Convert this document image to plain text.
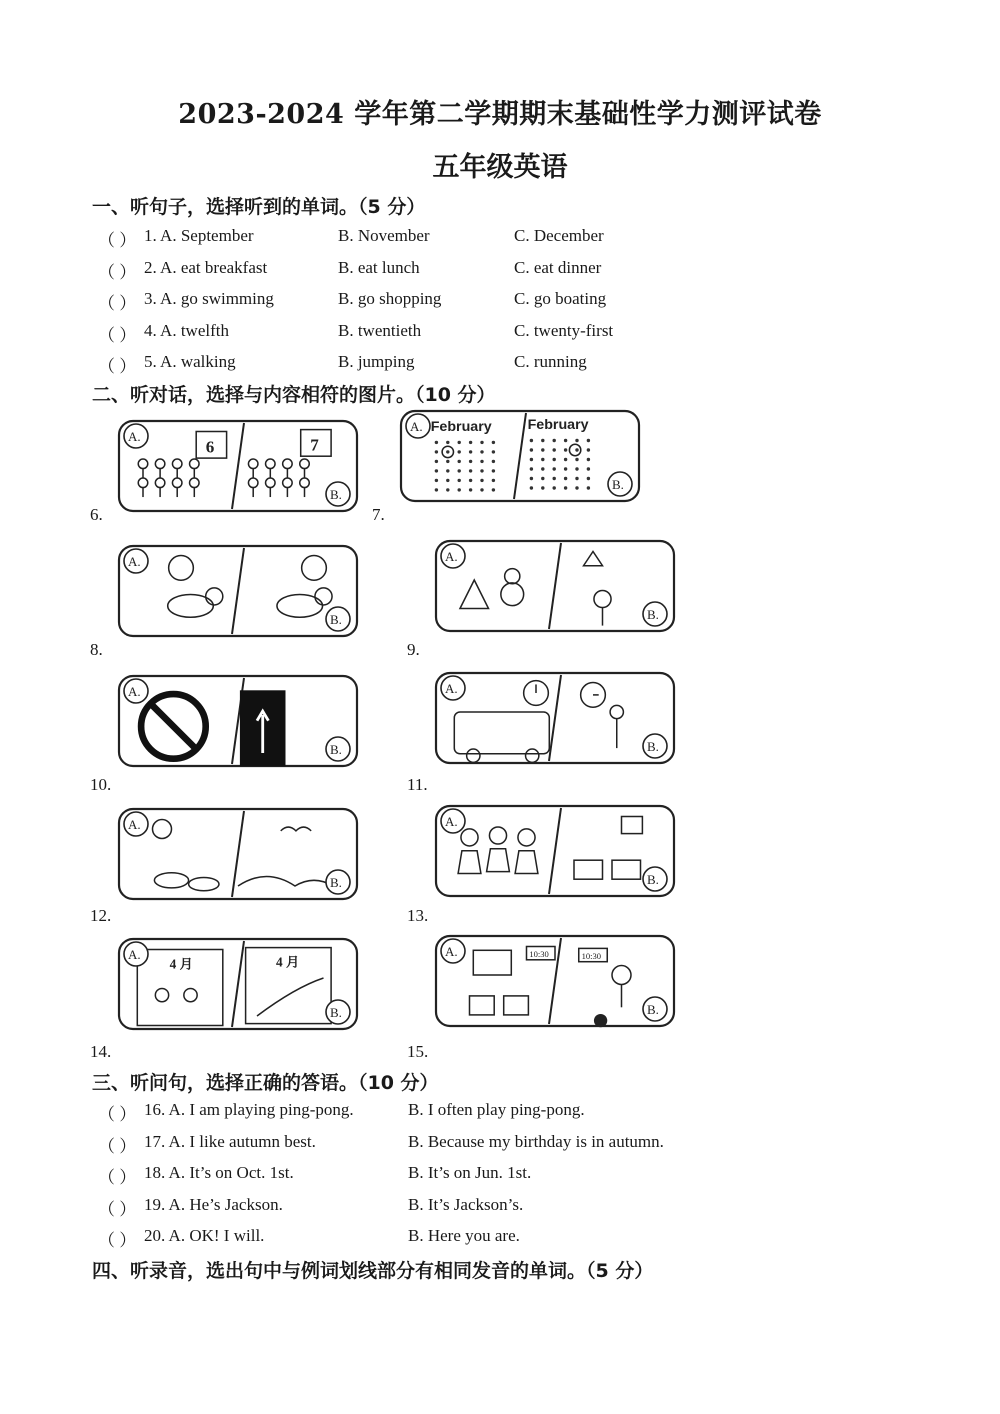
2023-2024 学年第二学期期末基础性学力测评试卷
五年级英语
一、听句子，选择听到的单词。（5 分）
（ ） 1. A. September	B. November	C. December
（ ） 2. A. eat breakfast	B. eat lunch	C. eat dinner
（ ） 3. A. go swimming	B. go shopping	C. go boating
（ ） 4. A. twelfth	B. twentieth	C. twenty-first
（ ） 5. A. walking	B. jumping	C. running
二、听对话，选择与内容相符的图片。（10 分）
6.
6	7
A.
B.
7.
February February
A.
B.
8.
A.
B.
9.
A.
B.
10.
A.
B.
11.
A.
B.
12.
A.
B.
13.
A.
B.
14.
4 月	4 月
A.
B.
15.
10:30	10:30
A.
B.
三、听问句，选择正确的答语。（10 分）
（ ） 16. A. I am playing ping-pong.	B. I often play ping-pong.
（ ） 17. A. I like autumn best.	B. Because my birthday is in autumn.
（ ） 18. A. It’s on Oct. 1st.	B. It’s on Jun. 1st.
（ ） 19. A. He’s Jackson.	B. It’s Jackson’s.
（ ） 20. A. OK! I will.	B. Here you are.
四、听录音，选出句中与例词划线部分有相同发音的单词。（5 分）
